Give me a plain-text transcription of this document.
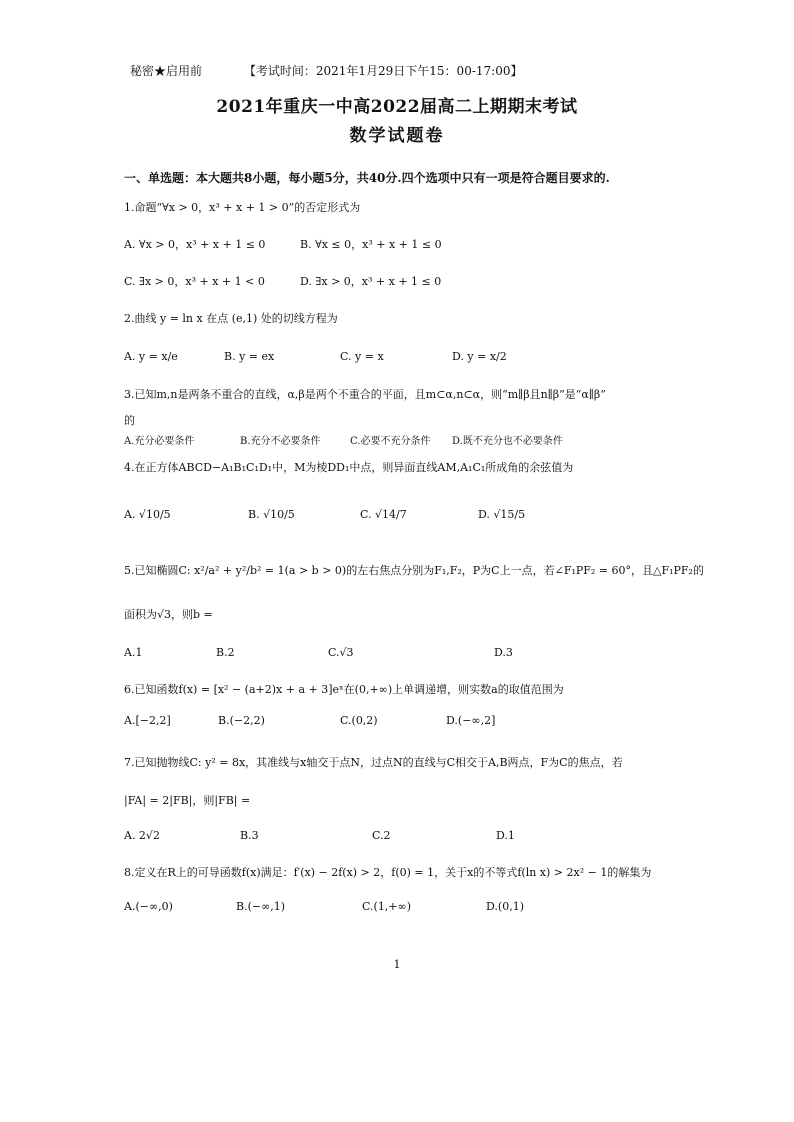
秘密★启用前	【考试时间：2021年1月29日下午15：00-17:00】
2021年重庆一中高2022届高二上期期末考试
数学试题卷
一、单选题：本大题共8小题，每小题5分，共40分.四个选项中只有一项是符合题目要求的.
1.命题“∀x > 0，x³ + x + 1 > 0”的否定形式为
A. ∀x > 0，x³ + x + 1 ≤ 0	B. ∀x ≤ 0，x³ + x + 1 ≤ 0
C. ∃x > 0，x³ + x + 1 < 0	D. ∃x > 0，x³ + x + 1 ≤ 0
2.曲线 y = ln x 在点 (e,1) 处的切线方程为
A. y = x/e	B. y = ex	C. y = x	D. y = x/2
3.已知m,n是两条不重合的直线，α,β是两个不重合的平面，且m⊂α,n⊂α，则“m∥β且n∥β”是“α∥β”
的
A.充分必要条件	B.充分不必要条件	C.必要不充分条件 D.既不充分也不必要条件
4.在正方体ABCD−A₁B₁C₁D₁中，M为棱DD₁中点，则异面直线AM,A₁C₁所成角的余弦值为
A. √10/5	B. √10/5	C. √14/7	D. √15/5
5.已知椭圆C: x²/a² + y²/b² = 1(a > b > 0)的左右焦点分别为F₁,F₂，P为C上一点，若∠F₁PF₂ = 60°，且△F₁PF₂的
面积为√3，则b =
A.1	B.2	C.√3	D.3
6.已知函数f(x) = [x² − (a+2)x + a + 3]eˣ在(0,+∞)上单调递增，则实数a的取值范围为
A.[−2,2]	B.(−2,2)	C.(0,2)	D.(−∞,2]
7.已知抛物线C: y² = 8x，其准线与x轴交于点N，过点N的直线与C相交于A,B两点，F为C的焦点，若
|FA| = 2|FB|，则|FB| =
A. 2√2	B.3	C.2	D.1
8.定义在R上的可导函数f(x)满足：f′(x) − 2f(x) > 2，f(0) = 1，关于x的不等式f(ln x) > 2x² − 1的解集为
A.(−∞,0)	B.(−∞,1)	C.(1,+∞)	D.(0,1)
1
